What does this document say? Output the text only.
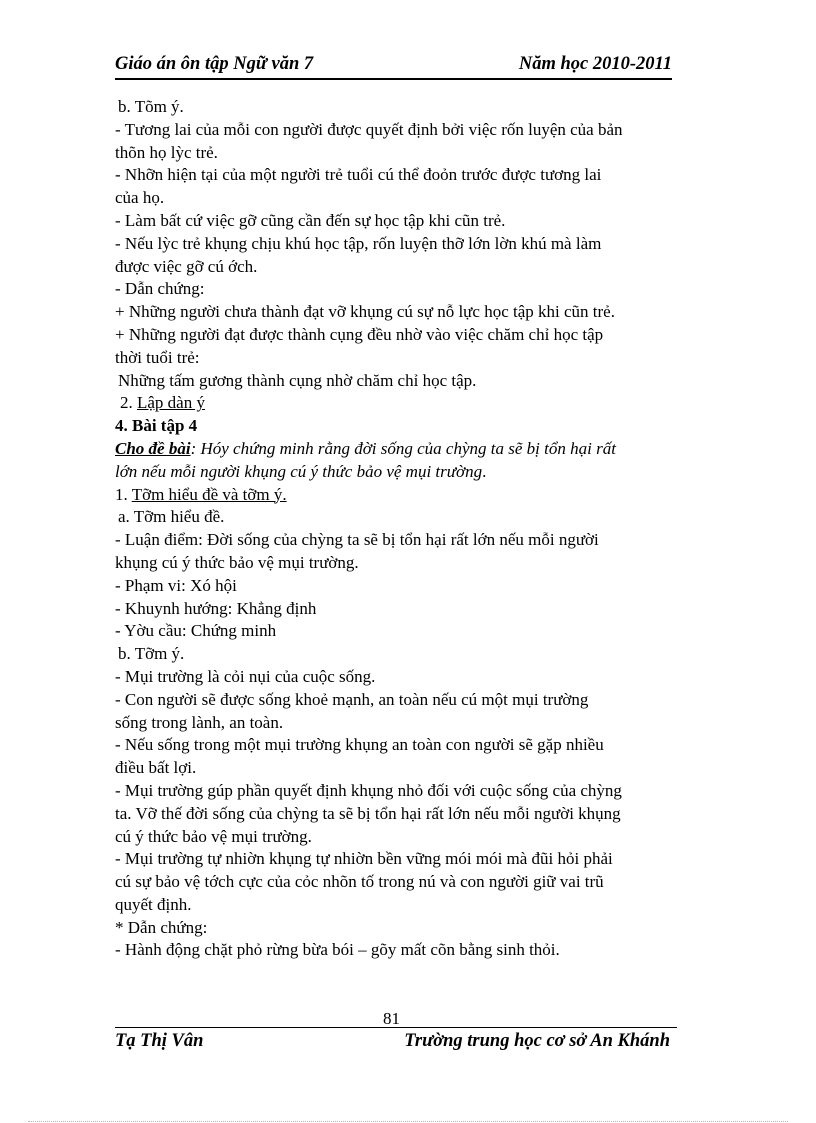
Giáo án ôn tập Ngữ văn 7	Năm học 2010-2011

b. Tõm ý.

- Tương lai của mỗi con người được quyết định bởi việc rốn luyện của bản

thõn họ lỳc trẻ.

- Nhỡn hiện tại của một người trẻ tuổi cú thể đoỏn trước được tương lai

của họ.

- Làm bất cứ việc gỡ cũng cần đến sự học tập khi cũn trẻ.

- Nếu lỳc trẻ khụng chịu khú học tập, rốn luyện thỡ lớn lờn khú mà làm

được việc gỡ cú ớch.

- Dẫn chứng:

+ Những người chưa thành đạt vỡ khụng cú sự nỗ lực học tập khi cũn trẻ.

+ Những người đạt được thành cụng đều nhờ vào việc chăm chỉ học tập

thời tuổi trẻ:

Những tấm gương thành cụng nhờ chăm chỉ học tập.

2. Lập dàn ý

4. Bài tập 4

Cho đề bài: Hóy chứng minh rằng đời sống của chỳng ta sẽ bị tổn hại rất

lớn nếu mỗi người khụng cú ý thức bảo vệ mụi trường.

1. Tỡm hiểu đề và tỡm ý.

a. Tỡm hiểu đề.

- Luận điểm: Đời sống của chỳng ta sẽ bị tổn hại rất lớn nếu mỗi người

khụng cú ý thức bảo vệ mụi trường.

- Phạm vi: Xó hội

- Khuynh hướng: Khẳng định

- Yờu cầu: Chứng minh

b. Tỡm ý.

- Mụi trường là cỏi nụi của cuộc sống.

- Con người sẽ được sống khoẻ mạnh, an toàn nếu cú một mụi trường

sống trong lành, an toàn.

- Nếu sống trong một mụi trường khụng an toàn con người sẽ gặp nhiều

điều bất lợi.

- Mụi trường gúp phần quyết định khụng nhỏ đối với cuộc sống của chỳng

ta. Vỡ thế đời sống của chỳng ta sẽ bị tổn hại rất lớn nếu mỗi người khụng

cú ý thức bảo vệ mụi trường.

- Mụi trường tự nhiờn khụng tự nhiờn bền vững mói mói mà đũi hỏi phải

cú sự bảo vệ tớch cực của cỏc nhõn tố trong nú và con người giữ vai trũ

quyết định.

* Dẫn chứng:

- Hành động chặt phỏ rừng bừa bói – gõy mất cõn bằng sinh thỏi.

81
Tạ Thị Vân	Trường trung học cơ sở An Khánh
